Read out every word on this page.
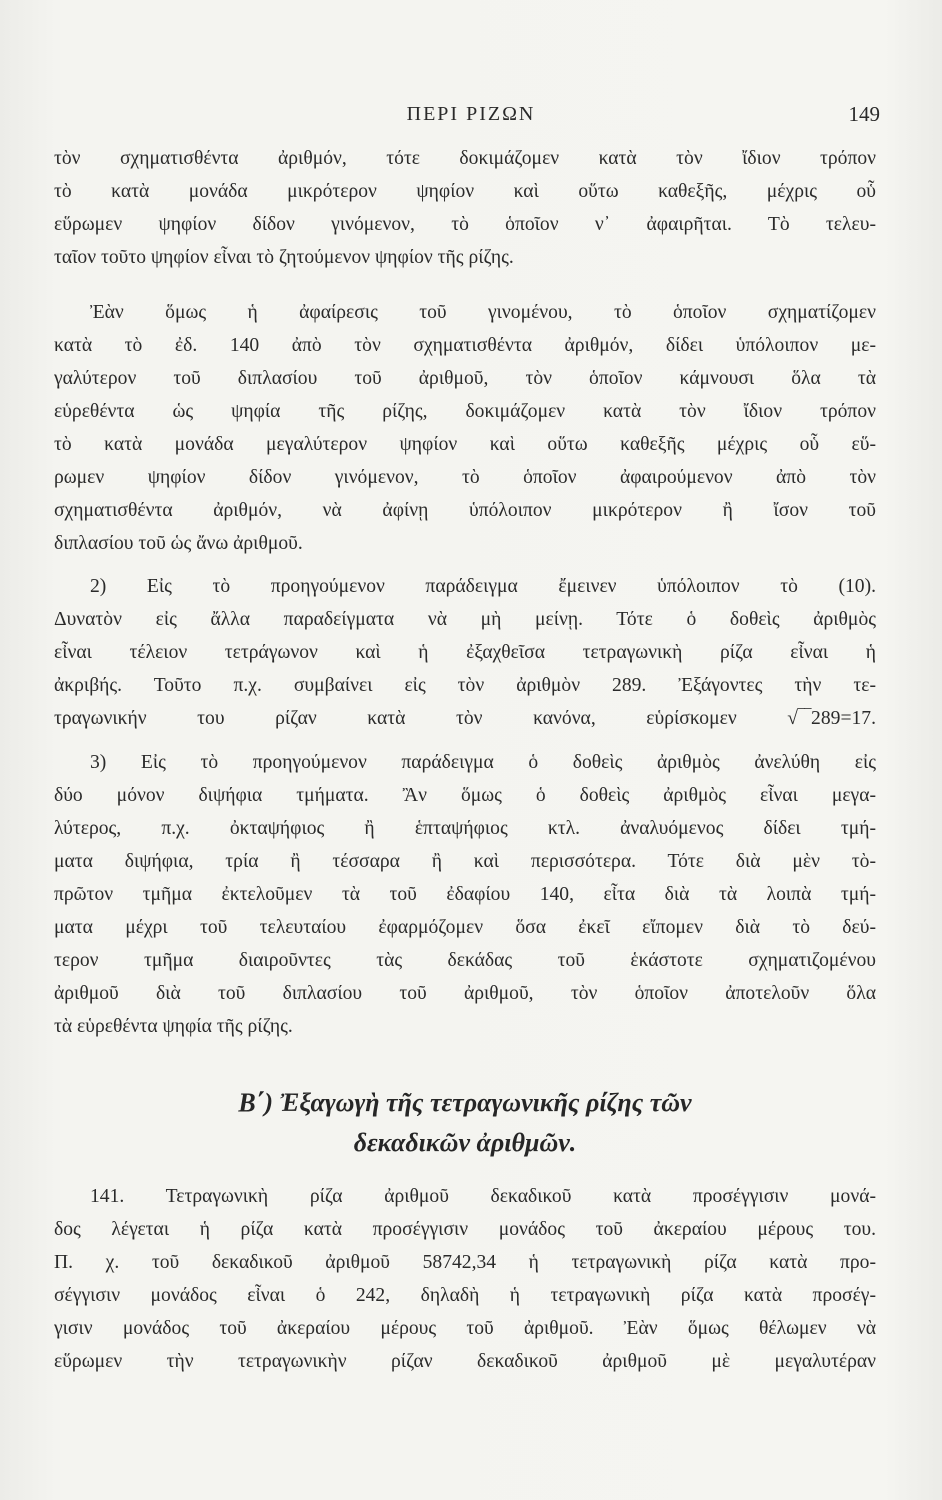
ΠΕΡΙ ΡΙΖΩΝ	149
τὸν σχηματισθέντα ἀριθμόν, τότε δοκιμάζομεν κατὰ τὸν ἴδιον τρόπον
τὸ κατὰ μονάδα μικρότερον ψηφίον καὶ οὕτω καθεξῆς, μέχρις οὗ
εὕρωμεν ψηφίον δίδον γινόμενον, τὸ ὁποῖον ν᾽ ἀφαιρῆται. Τὸ τελευ-
ταῖον τοῦτο ψηφίον εἶναι τὸ ζητούμενον ψηφίον τῆς ρίζης.
Ἐὰν ὅμως ἡ ἀφαίρεσις τοῦ γινομένου, τὸ ὁποῖον σχηματίζομεν
κατὰ τὸ ἐδ. 140 ἀπὸ τὸν σχηματισθέντα ἀριθμόν, δίδει ὑπόλοιπον με-
γαλύτερον τοῦ διπλασίου τοῦ ἀριθμοῦ, τὸν ὁποῖον κάμνουσι ὅλα τὰ
εὑρεθέντα ὡς ψηφία τῆς ρίζης, δοκιμάζομεν κατὰ τὸν ἴδιον τρόπον
τὸ κατὰ μονάδα μεγαλύτερον ψηφίον καὶ οὕτω καθεξῆς μέχρις οὗ εὕ-
ρωμεν ψηφίον δίδον γινόμενον, τὸ ὁποῖον ἀφαιρούμενον ἀπὸ τὸν
σχηματισθέντα ἀριθμόν, νὰ ἀφίνῃ ὑπόλοιπον μικρότερον ἢ ἴσον τοῦ
διπλασίου τοῦ ὡς ἄνω ἀριθμοῦ.
2) Εἰς τὸ προηγούμενον παράδειγμα ἔμεινεν ὑπόλοιπον τὸ (10).
Δυνατὸν εἰς ἄλλα παραδείγματα νὰ μὴ μείνῃ. Τότε ὁ δοθεὶς ἀριθμὸς
εἶναι τέλειον τετράγωνον καὶ ἡ ἐξαχθεῖσα τετραγωνικὴ ρίζα εἶναι ἡ
ἀκριβής. Τοῦτο π.χ. συμβαίνει εἰς τὸν ἀριθμὸν 289. Ἐξάγοντες τὴν τε-
τραγωνικήν του ρίζαν κατὰ τὸν κανόνα, εὑρίσκομεν √‾‾289=17.
3) Εἰς τὸ προηγούμενον παράδειγμα ὁ δοθεὶς ἀριθμὸς ἀνελύθη εἰς
δύο μόνον διψήφια τμήματα. Ἂν ὅμως ὁ δοθεὶς ἀριθμὸς εἶναι μεγα-
λύτερος, π.χ. ὀκταψήφιος ἢ ἑπταψήφιος κτλ. ἀναλυόμενος δίδει τμή-
ματα διψήφια, τρία ἢ τέσσαρα ἢ καὶ περισσότερα. Τότε διὰ μὲν τὸ-
πρῶτον τμῆμα ἐκτελοῦμεν τὰ τοῦ ἐδαφίου 140, εἶτα διὰ τὰ λοιπὰ τμή-
ματα μέχρι τοῦ τελευταίου ἐφαρμόζομεν ὅσα ἐκεῖ εἴπομεν διὰ τὸ δεύ-
τερον τμῆμα διαιροῦντες τὰς δεκάδας τοῦ ἑκάστοτε σχηματιζομένου
ἀριθμοῦ διὰ τοῦ διπλασίου τοῦ ἀριθμοῦ, τὸν ὁποῖον ἀποτελοῦν ὅλα
τὰ εὑρεθέντα ψηφία τῆς ρίζης.
Β΄) Ἐξαγωγὴ τῆς τετραγωνικῆς ρίζης τῶν
δεκαδικῶν ἀριθμῶν.
141. Τετραγωνικὴ ρίζα ἀριθμοῦ δεκαδικοῦ κατὰ προσέγγισιν μονά-
δος λέγεται ἡ ρίζα κατὰ προσέγγισιν μονάδος τοῦ ἀκεραίου μέρους του.
Π. χ. τοῦ δεκαδικοῦ ἀριθμοῦ 58742,34 ἡ τετραγωνικὴ ρίζα κατὰ προ-
σέγγισιν μονάδος εἶναι ὁ 242, δηλαδὴ ἡ τετραγωνικὴ ρίζα κατὰ προσέγ-
γισιν μονάδος τοῦ ἀκεραίου μέρους τοῦ ἀριθμοῦ. Ἐὰν ὅμως θέλωμεν νὰ
εὕρωμεν τὴν τετραγωνικὴν ρίζαν δεκαδικοῦ ἀριθμοῦ μὲ μεγαλυτέραν
